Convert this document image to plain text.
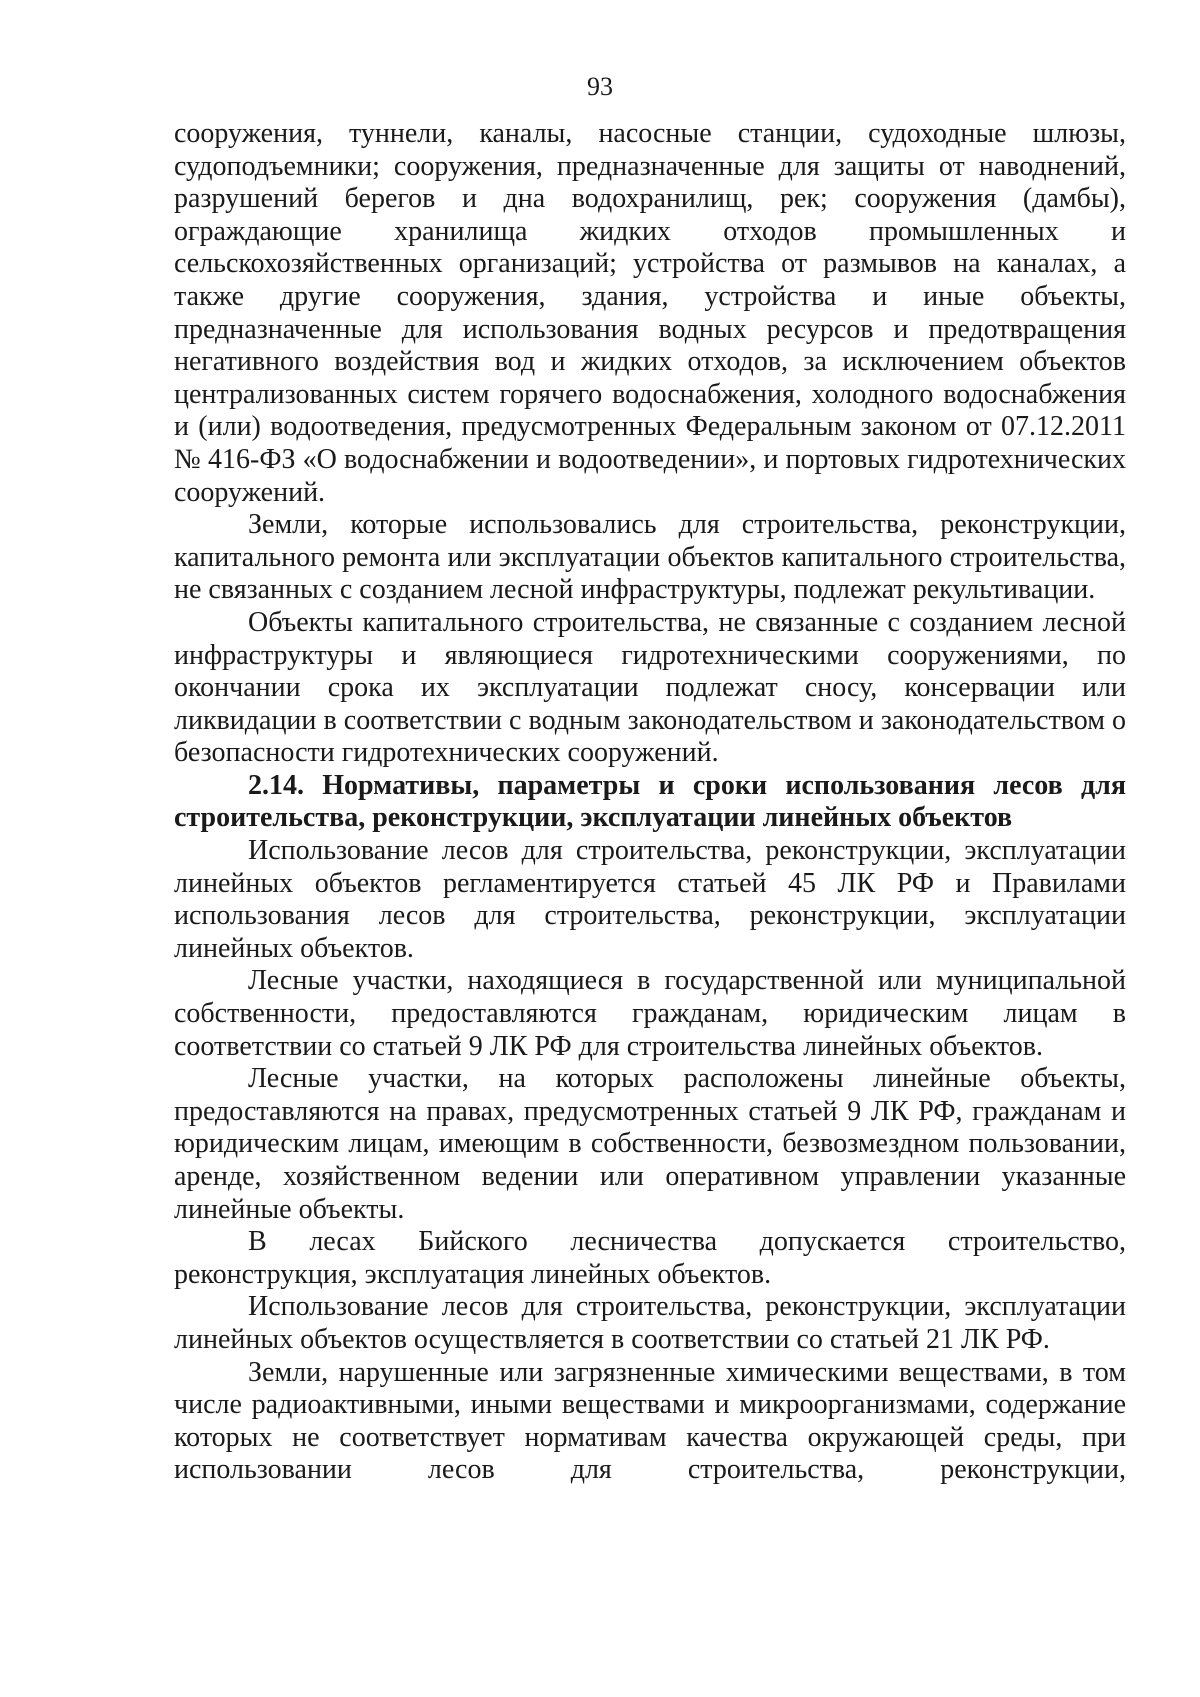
93

сооружения, туннели, каналы, насосные станции, судоходные шлюзы, судоподъемники; сооружения, предназначенные для защиты от наводнений, разрушений берегов и дна водохранилищ, рек; сооружения (дамбы), ограждающие хранилища жидких отходов промышленных и сельскохозяйственных организаций; устройства от размывов на каналах, а также другие сооружения, здания, устройства и иные объекты, предназначенные для использования водных ресурсов и предотвращения негативного воздействия вод и жидких отходов, за исключением объектов централизованных систем горячего водоснабжения, холодного водоснабжения и (или) водоотведения, предусмотренных Федеральным законом от 07.12.2011 № 416-ФЗ «О водоснабжении и водоотведении», и портовых гидротехнических сооружений.

Земли, которые использовались для строительства, реконструкции, капитального ремонта или эксплуатации объектов капитального строительства, не связанных с созданием лесной инфраструктуры, подлежат рекультивации.

Объекты капитального строительства, не связанные с созданием лесной инфраструктуры и являющиеся гидротехническими сооружениями, по окончании срока их эксплуатации подлежат сносу, консервации или ликвидации в соответствии с водным законодательством и законодательством о безопасности гидротехнических сооружений.

2.14. Нормативы, параметры и сроки использования лесов для строительства, реконструкции, эксплуатации линейных объектов

Использование лесов для строительства, реконструкции, эксплуатации линейных объектов регламентируется статьей 45 ЛК РФ и Правилами использования лесов для строительства, реконструкции, эксплуатации линейных объектов.

Лесные участки, находящиеся в государственной или муниципальной собственности, предоставляются гражданам, юридическим лицам в соответствии со статьей 9 ЛК РФ для строительства линейных объектов.

Лесные участки, на которых расположены линейные объекты, предоставляются на правах, предусмотренных статьей 9 ЛК РФ, гражданам и юридическим лицам, имеющим в собственности, безвозмездном пользовании, аренде, хозяйственном ведении или оперативном управлении указанные линейные объекты.

В лесах Бийского лесничества допускается строительство, реконструкция, эксплуатация линейных объектов.

Использование лесов для строительства, реконструкции, эксплуатации линейных объектов осуществляется в соответствии со статьей 21 ЛК РФ.

Земли, нарушенные или загрязненные химическими веществами, в том числе радиоактивными, иными веществами и микроорганизмами, содержание которых не соответствует нормативам качества окружающей среды, при использовании лесов для строительства, реконструкции,
